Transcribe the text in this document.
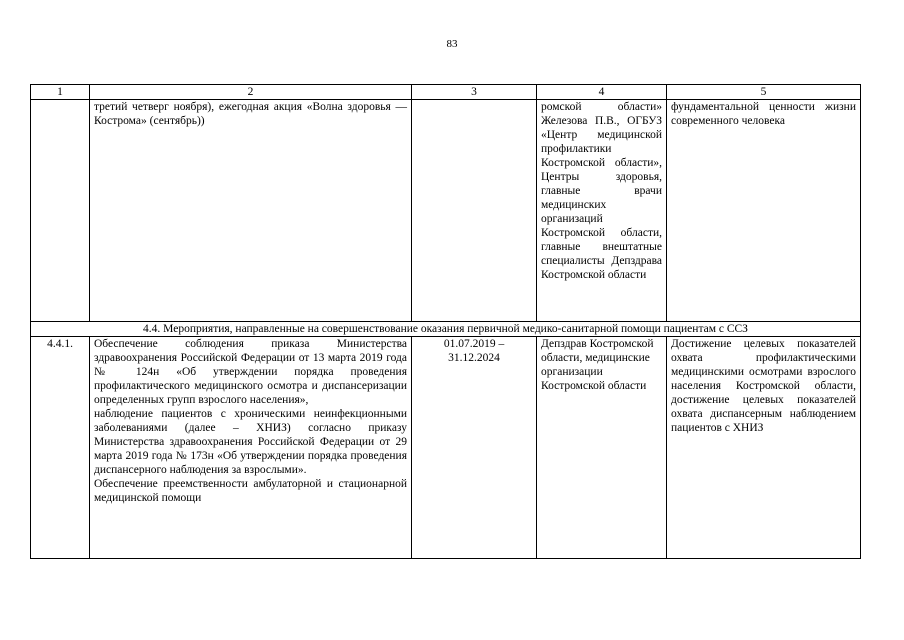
83
1	2	3	4	5
	третий четверг ноября), ежегодная акция «Волна здоровья — Кострома» (сентябрь))		ромской области» Железова П.В., ОГБУЗ «Центр медицинской профилактики Костромской области», Центры здоровья, главные врачи медицинских организаций Костромской области, главные внештатные специалисты Депздрава Костромской области	фундаментальной ценности жизни современного человека
4.4. Мероприятия, направленные на совершенствование оказания первичной медико-санитарной помощи пациентам с ССЗ				
4.4.1.	Обеспечение соблюдения приказа Министерства здравоохранения Российской Федерации от 13 марта 2019 года № 124н «Об утверждении порядка проведения профилактического медицинского осмотра и диспансеризации определенных групп взрослого населения»,
наблюдение пациентов с хроническими неинфекционными заболеваниями (далее – ХНИЗ) согласно приказу Министерства здравоохранения Российской Федерации от 29 марта 2019 года № 173н «Об утверждении порядка проведения диспансерного наблюдения за взрослыми».
Обеспечение преемственности амбулаторной и стационарной медицинской помощи	01.07.2019 –
31.12.2024	Депздрав Костромской области, медицинские организации Костромской области	Достижение целевых показателей охвата профилактическими медицинскими осмотрами взрослого населения Костромской области, достижение целевых показателей охвата диспансерным наблюдением пациентов с ХНИЗ
